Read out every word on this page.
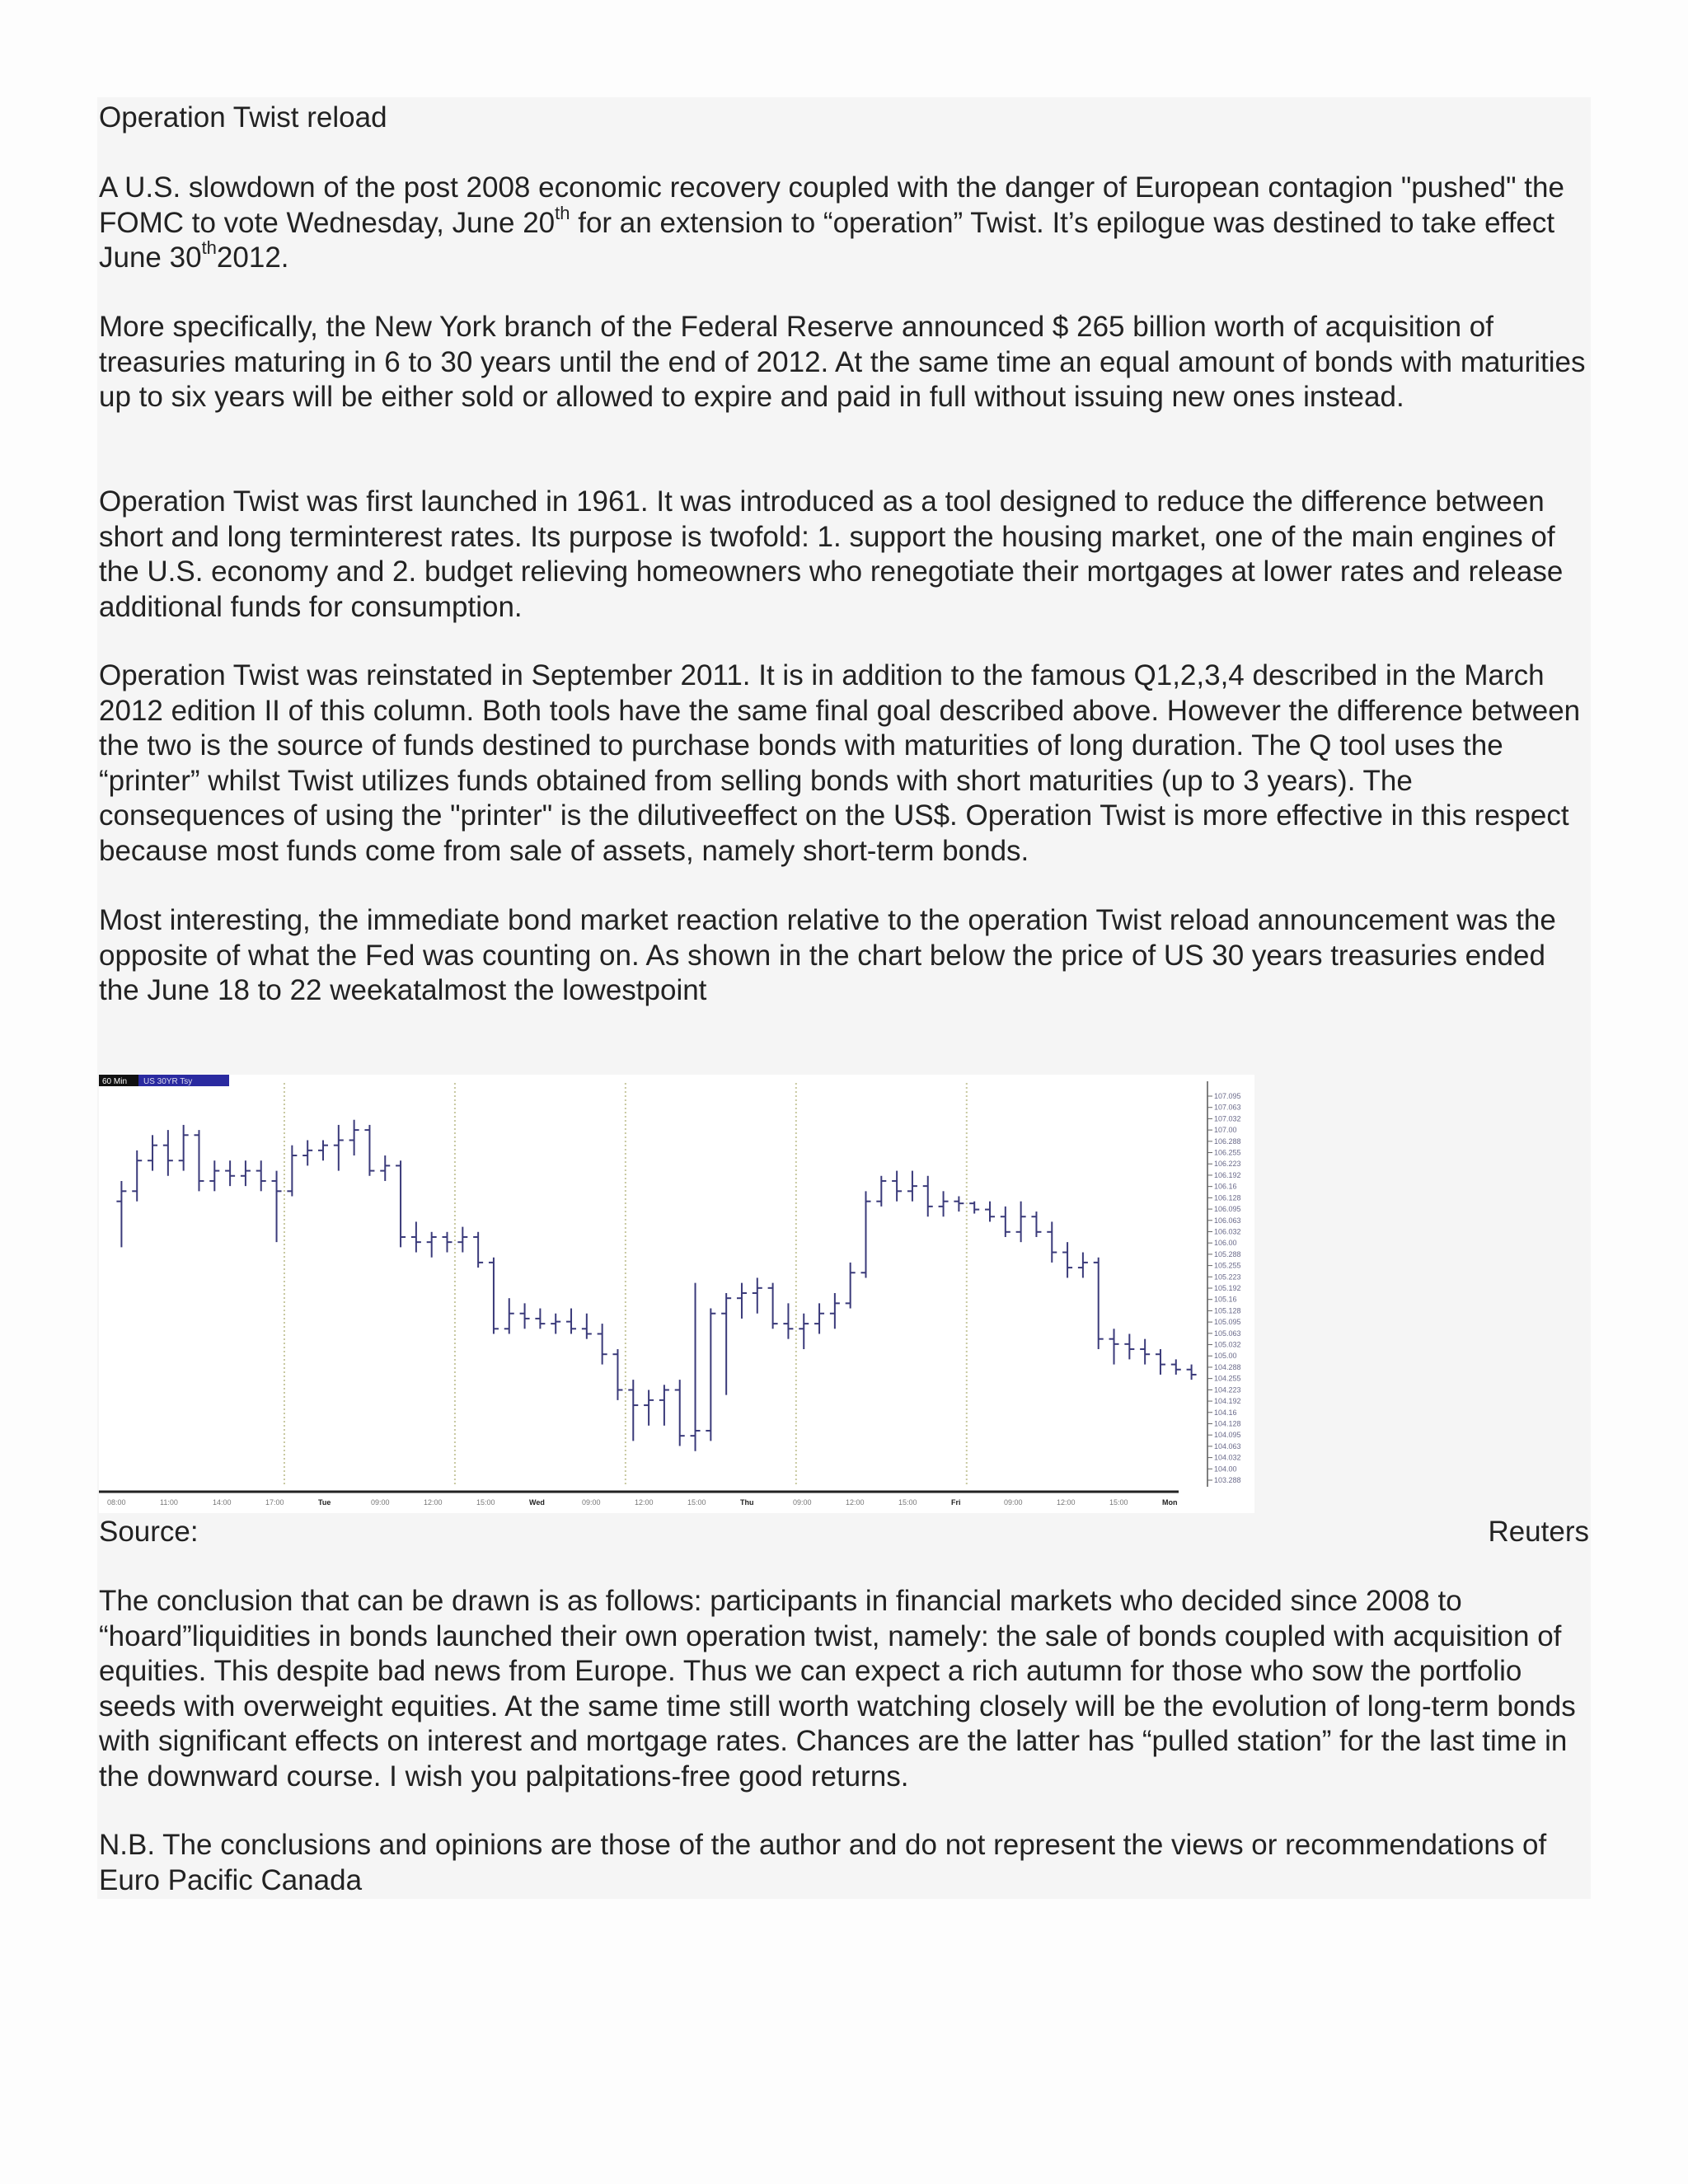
Operation Twist reload

A U.S. slowdown of the post 2008 economic recovery coupled with the danger of European contagion "pushed" the FOMC to vote Wednesday, June 20th for an extension to “operation” Twist. It’s epilogue was destined to take effect June 30th2012.

More specifically, the New York branch of the Federal Reserve announced $ 265 billion worth of acquisition of treasuries maturing in 6 to 30 years until the end of 2012. At the same time an equal amount of bonds with maturities up to six years will be either sold or allowed to expire and paid in full without issuing new ones instead.

Operation Twist was first launched in 1961. It was introduced as a tool designed to reduce the difference between short and long terminterest rates. Its purpose is twofold: 1. support the housing market, one of the main engines of the U.S. economy and 2. budget relieving homeowners who renegotiate their mortgages at lower rates and release additional funds for consumption.

Operation Twist was reinstated in September 2011. It is in addition to the famous Q1,2,3,4 described in the March 2012 edition II of this column. Both tools have the same final goal described above. However the difference between the two is the source of funds destined to purchase bonds with maturities of long duration. The Q tool uses the “printer” whilst Twist utilizes funds obtained from selling bonds with short maturities (up to 3 years). The consequences of using the "printer" is the dilutiveeffect on the US$. Operation Twist is more effective in this respect because most funds come from sale of assets, namely short-term bonds.

Most interesting, the immediate bond market reaction relative to the operation Twist reload announcement was the opposite of what the Fed was counting on. As shown in the chart below the price of US 30 years treasuries ended the June 18 to 22 weekatalmost the lowestpoint

60 Min US 30YR Tsy
107.095
107.063
107.032
107.00
106.288
106.255
106.223
106.192
106.16
106.128
106.095
106.063
106.032
106.00
105.288
105.255
105.223
105.192
105.16
105.128
105.095
105.063
105.032
105.00
104.288
104.255
104.223
104.192
104.16
104.128
104.095
104.063
104.032
104.00
103.288
08:00	11:00	14:00	17:00	Tue	09:00	12:00	15:00	Wed	09:00	12:00	15:00	Thu	09:00	12:00	15:00	Fri	09:00	12:00	15:00	Mon
Source:	Reuters

The conclusion that can be drawn is as follows: participants in financial markets who decided since 2008 to “hoard”liquidities in bonds launched their own operation twist, namely: the sale of bonds coupled with acquisition of equities. This despite bad news from Europe. Thus we can expect a rich autumn for those who sow the portfolio seeds with overweight equities. At the same time still worth watching closely will be the evolution of long-term bonds with significant effects on interest and mortgage rates. Chances are the latter has “pulled station” for the last time in the downward course. I wish you palpitations-free good returns.

N.B. The conclusions and opinions are those of the author and do not represent the views or recommendations of Euro Pacific Canada
